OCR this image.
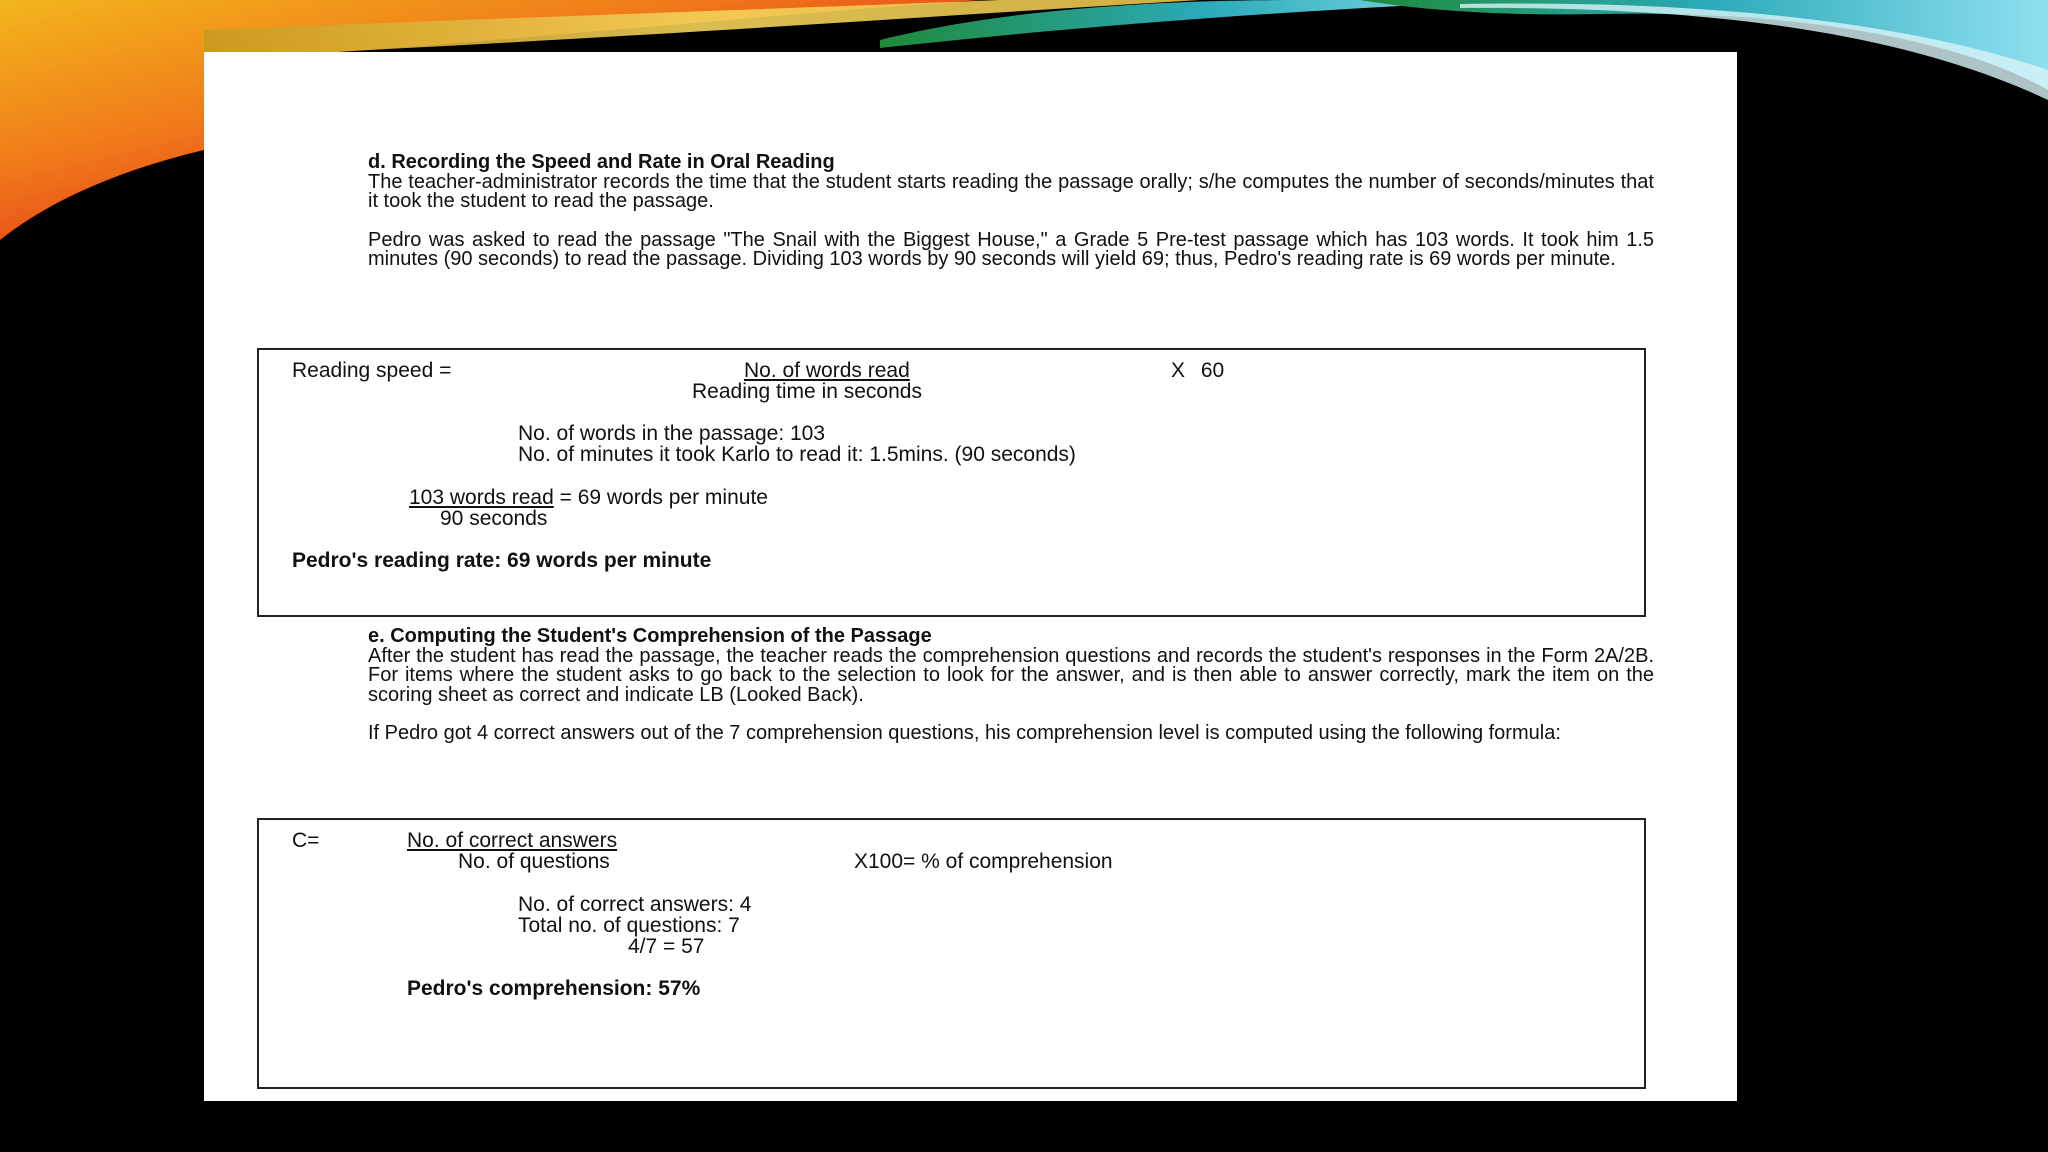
d. Recording the Speed and Rate in Oral Reading
The teacher-administrator records the time that the student starts reading the passage orally; s/he computes the number of seconds/minutes that it took the student to read the passage.
Pedro was asked to read the passage "The Snail with the Biggest House," a Grade 5 Pre-test passage which has 103 words. It took him 1.5 minutes (90 seconds) to read the passage. Dividing 103 words by 90 seconds will yield 69; thus, Pedro's reading rate is 69 words per minute.
Reading speed =	No. of words read
Reading time in seconds
X 60
No. of words in the passage: 103
No. of minutes it took Karlo to read it: 1.5mins. (90 seconds)
103 words read = 69 words per minute
90 seconds
Pedro's reading rate: 69 words per minute
e. Computing the Student's Comprehension of the Passage
After the student has read the passage, the teacher reads the comprehension questions and records the student's responses in the Form 2A/2B. For items where the student asks to go back to the selection to look for the answer, and is then able to answer correctly, mark the item on the scoring sheet as correct and indicate LB (Looked Back).
If Pedro got 4 correct answers out of the 7 comprehension questions, his comprehension level is computed using the following formula:
C=	No. of correct answers
No. of questions	X100= % of comprehension
No. of correct answers: 4
Total no. of questions: 7
4/7 = 57
Pedro's comprehension: 57%
